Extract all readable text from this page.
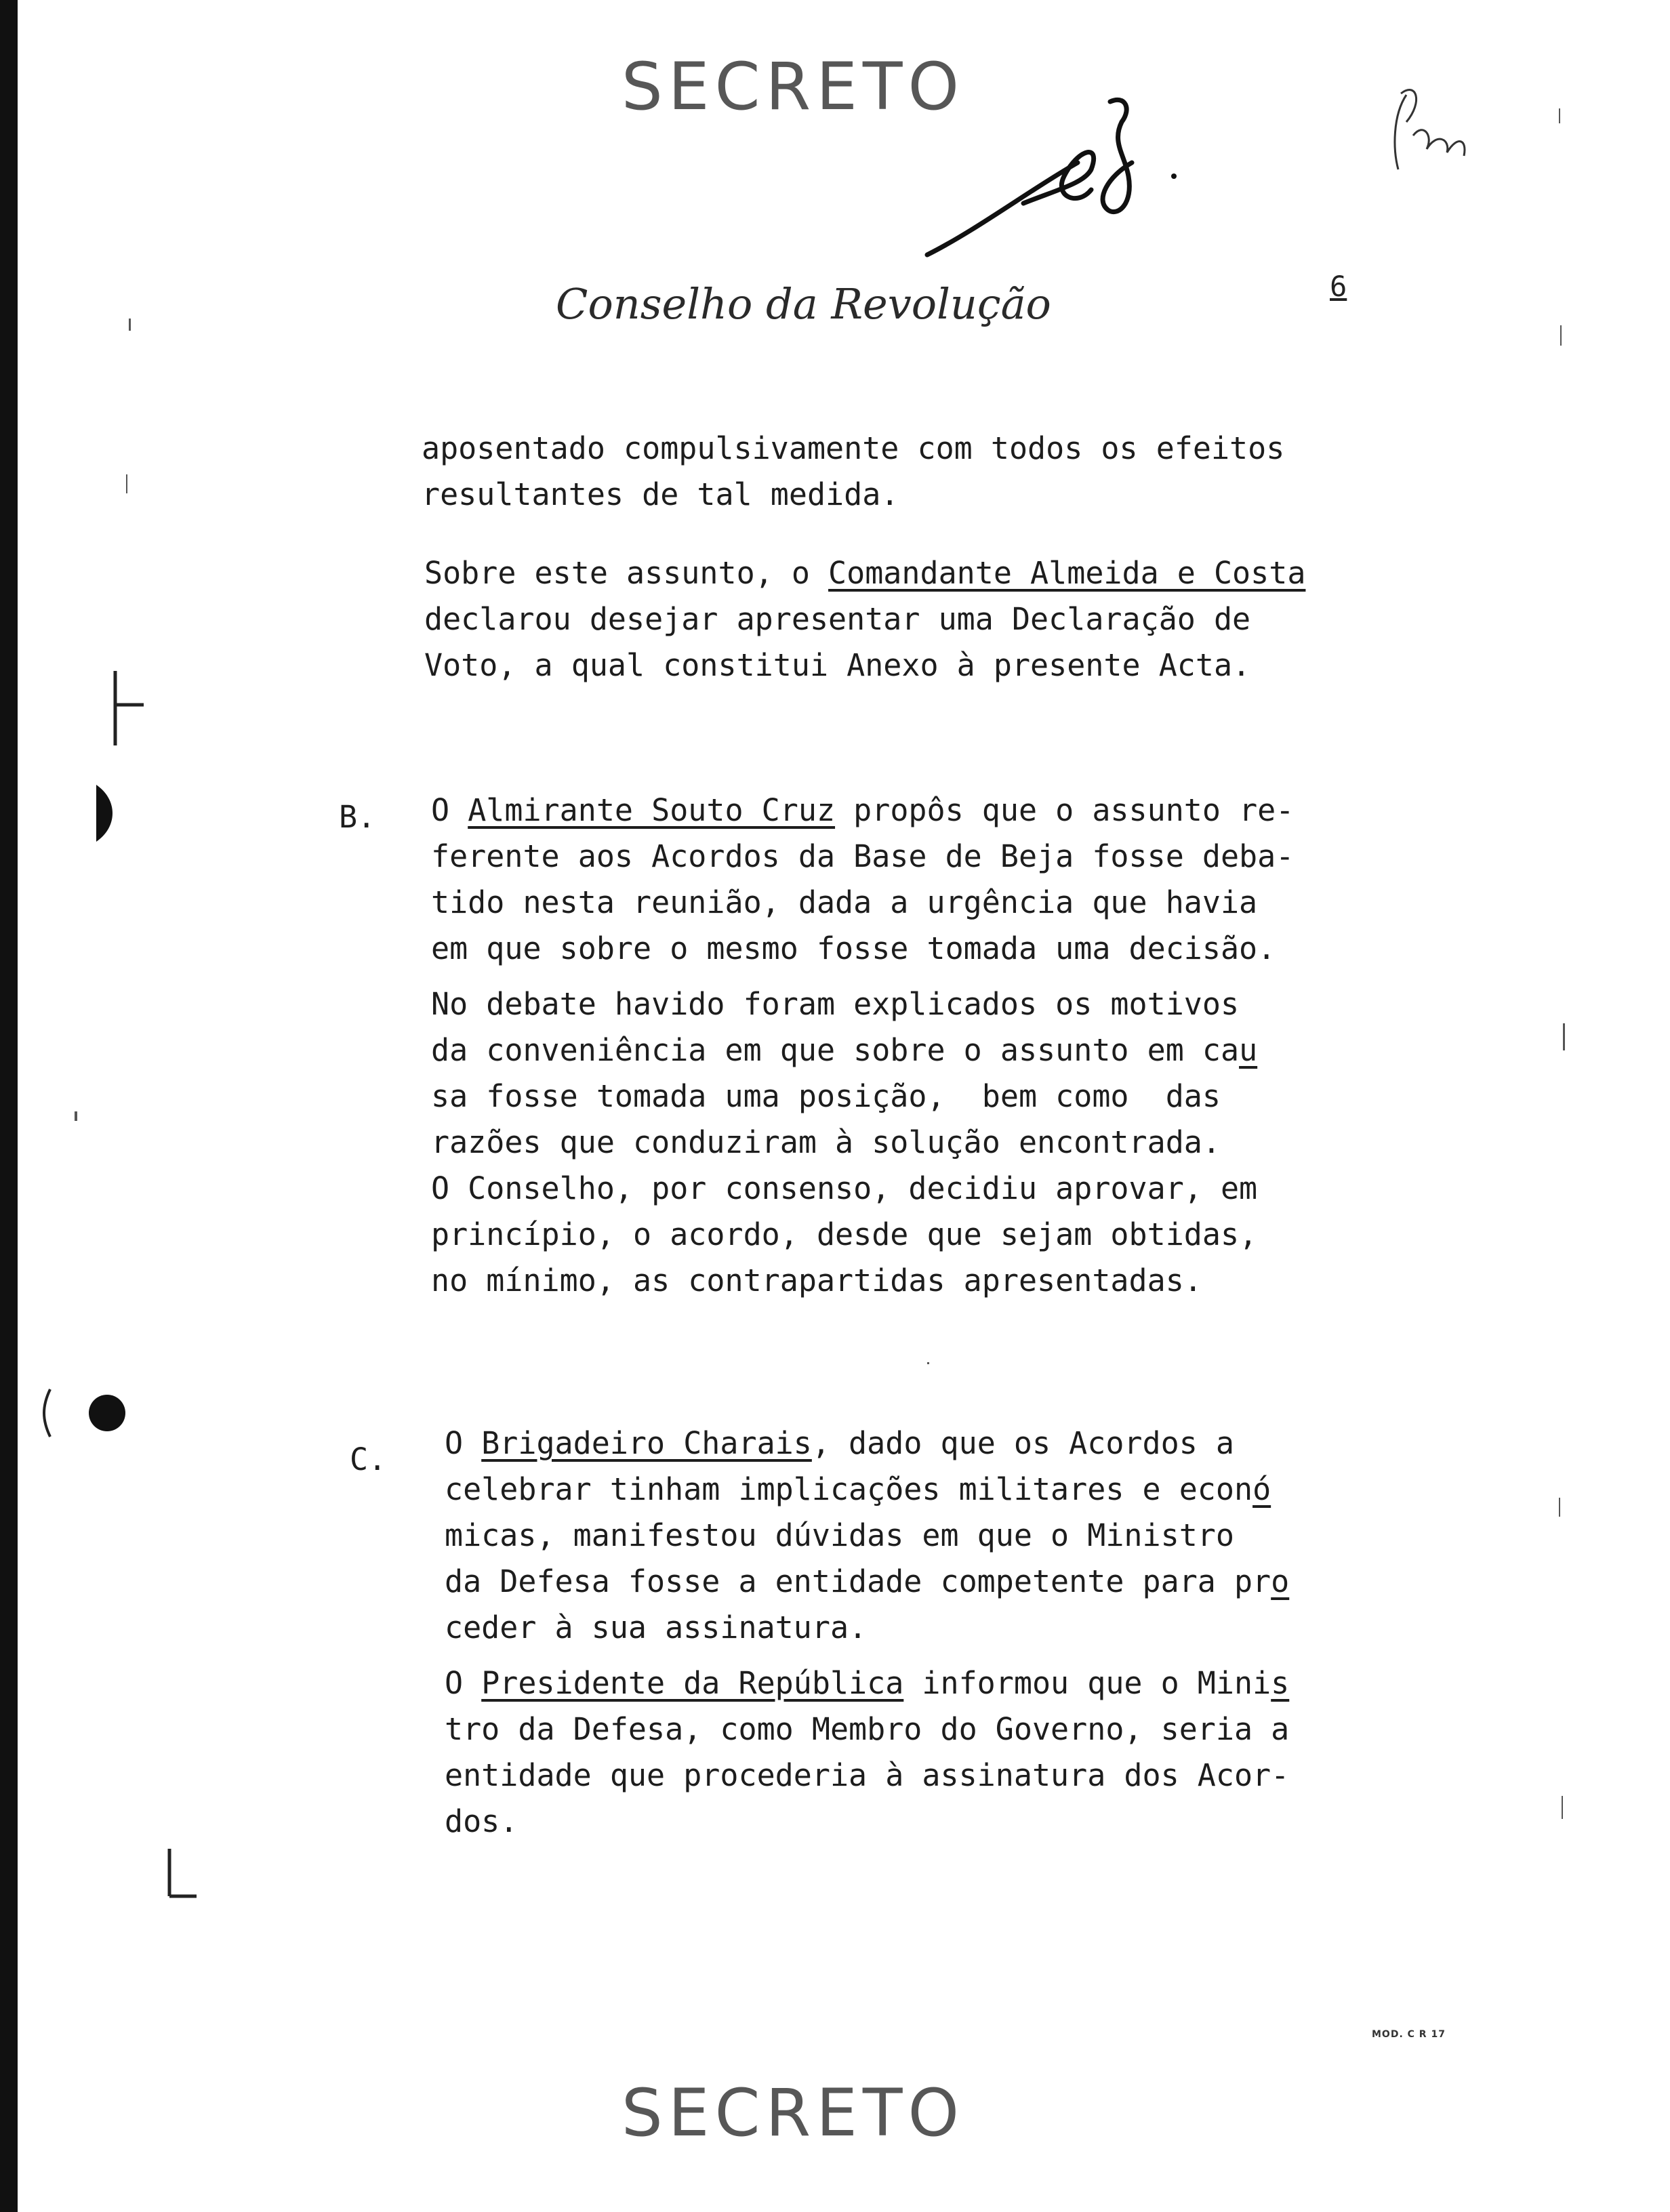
SECRETO
SECRETO
Conselho da Revolução	6
aposentado compulsivamente com todos os efeitos
resultantes de tal medida.
Sobre este assunto, o Comandante Almeida e Costa
declarou desejar apresentar uma Declaração de
Voto, a qual constitui Anexo à presente Acta.
B. O Almirante Souto Cruz propôs que o assunto re-
ferente aos Acordos da Base de Beja fosse deba-
tido nesta reunião, dada a urgência que havia
em que sobre o mesmo fosse tomada uma decisão.
No debate havido foram explicados os motivos
da conveniência em que sobre o assunto em cau
sa fosse tomada uma posição,  bem como  das
razões que conduziram à solução encontrada.
O Conselho, por consenso, decidiu aprovar, em
princípio, o acordo, desde que sejam obtidas,
no mínimo, as contrapartidas apresentadas.
C. O Brigadeiro Charais, dado que os Acordos a
celebrar tinham implicações militares e econó
micas, manifestou dúvidas em que o Ministro
da Defesa fosse a entidade competente para pro
ceder à sua assinatura.
O Presidente da República informou que o Minis
tro da Defesa, como Membro do Governo, seria a
entidade que procederia à assinatura dos Acor-
dos.
MOD. C R 17
